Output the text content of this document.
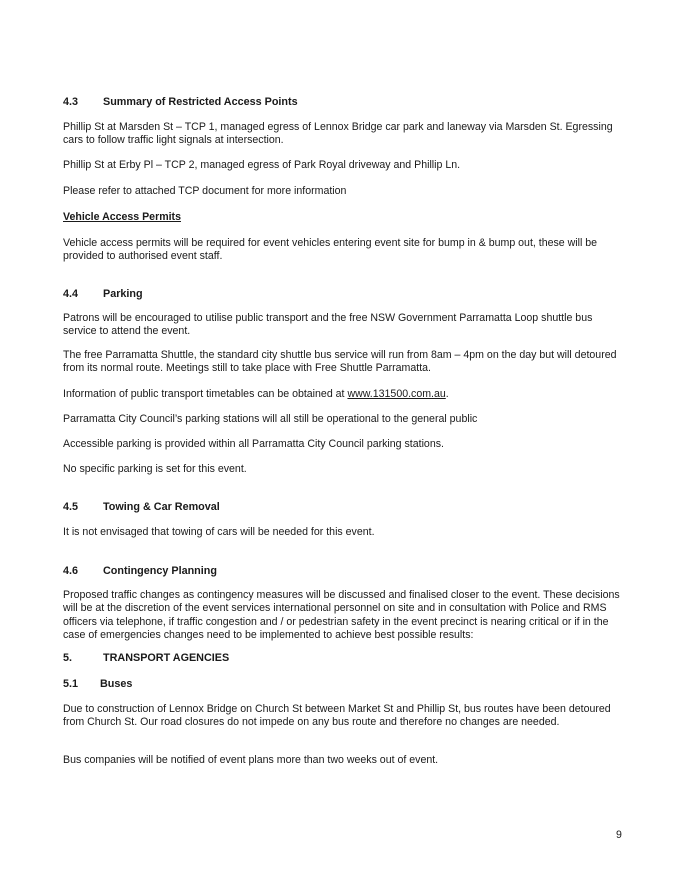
4.3 Summary of Restricted Access Points

Phillip St at Marsden St – TCP 1, managed egress of Lennox Bridge car park and laneway via Marsden St. Egressing cars to follow traffic light signals at intersection.

Phillip St at Erby Pl – TCP 2, managed egress of Park Royal driveway and Phillip Ln.

Please refer to attached TCP document for more information

Vehicle Access Permits

Vehicle access permits will be required for event vehicles entering event site for bump in & bump out, these will be provided to authorised event staff.

4.4 Parking

Patrons will be encouraged to utilise public transport and the free NSW Government Parramatta Loop shuttle bus service to attend the event.

The free Parramatta Shuttle, the standard city shuttle bus service will run from 8am – 4pm on the day but will detoured from its normal route. Meetings still to take place with Free Shuttle Parramatta.

Information of public transport timetables can be obtained at www.131500.com.au.

Parramatta City Council’s parking stations will all still be operational to the general public

Accessible parking is provided within all Parramatta City Council parking stations.

No specific parking is set for this event.

4.5 Towing & Car Removal

It is not envisaged that towing of cars will be needed for this event.

4.6 Contingency Planning

Proposed traffic changes as contingency measures will be discussed and finalised closer to the event. These decisions will be at the discretion of the event services international personnel on site and in consultation with Police and RMS officers via telephone, if traffic congestion and / or pedestrian safety in the event precinct is nearing critical or if in the case of emergencies changes need to be implemented to achieve best possible results:

5.	TRANSPORT AGENCIES
5.1 Buses

Due to construction of Lennox Bridge on Church St between Market St and Phillip St, bus routes have been detoured from Church St. Our road closures do not impede on any bus route and therefore no changes are needed.

Bus companies will be notified of event plans more than two weeks out of event.

9
